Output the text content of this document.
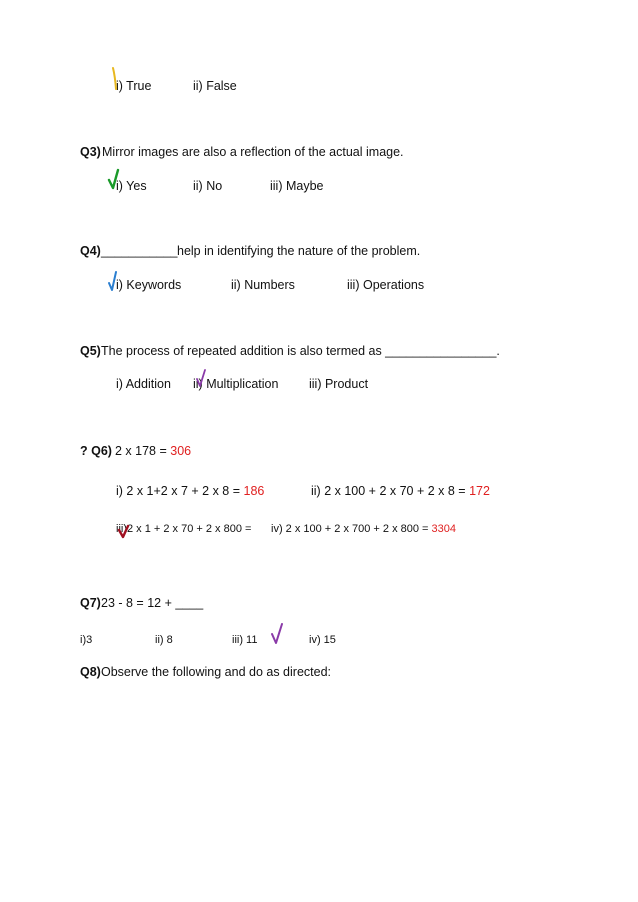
i) True	ii) False
Q3) Mirror images are also a reflection of the actual image.
i) Yes	ii) No	iii) Maybe
Q4) ___________ help in identifying the nature of the problem.
i) Keywords	ii) Numbers	iii) Operations
Q5) The process of repeated addition is also termed as ________________.
i) Addition ii) Multiplication iii) Product
? Q6) 2 x 178 = 306
i) 2 x 1+2 x 7 + 2 x 8 = 186	ii) 2 x 100 + 2 x 70 + 2 x 8 = 172
iii)2 x 1 + 2 x 70 + 2 x 800 = iv) 2 x 100 + 2 x 700 + 2 x 800 = 3304
Q7) 23 - 8 = 12 + ____
i)3	ii) 8	iii) 11	iv) 15
Q8) Observe the following and do as directed:
